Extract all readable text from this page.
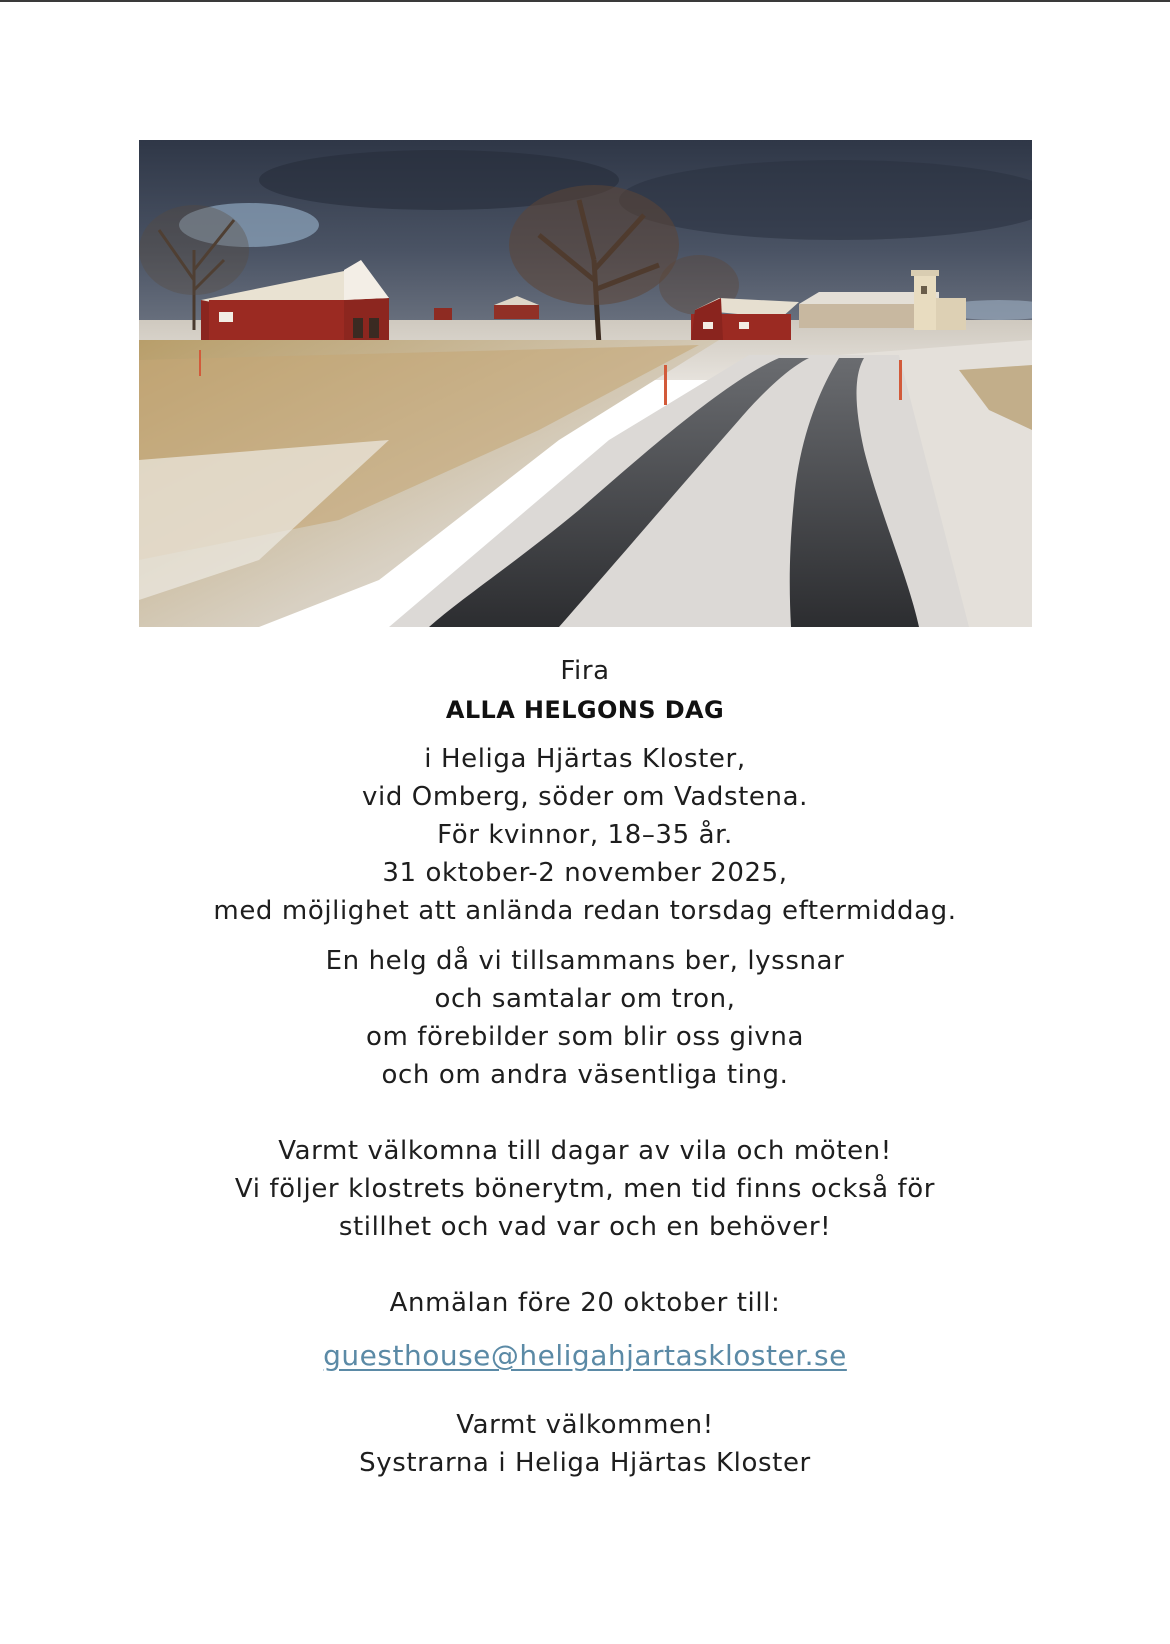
Fira
ALLA HELGONS DAG
i Heliga Hjärtas Kloster,
vid Omberg, söder om Vadstena.
För kvinnor, 18–35 år.
31 oktober-2 november 2025,
med möjlighet att anlända redan torsdag eftermiddag.
En helg då vi tillsammans ber, lyssnar
och samtalar om tron,
om förebilder som blir oss givna
och om andra väsentliga ting.
Varmt välkomna till dagar av vila och möten!
Vi följer klostrets bönerytm, men tid finns också för
stillhet och vad var och en behöver!
Anmälan före 20 oktober till:
guesthouse@heligahjartaskloster.se
Varmt välkommen!
Systrarna i Heliga Hjärtas Kloster
